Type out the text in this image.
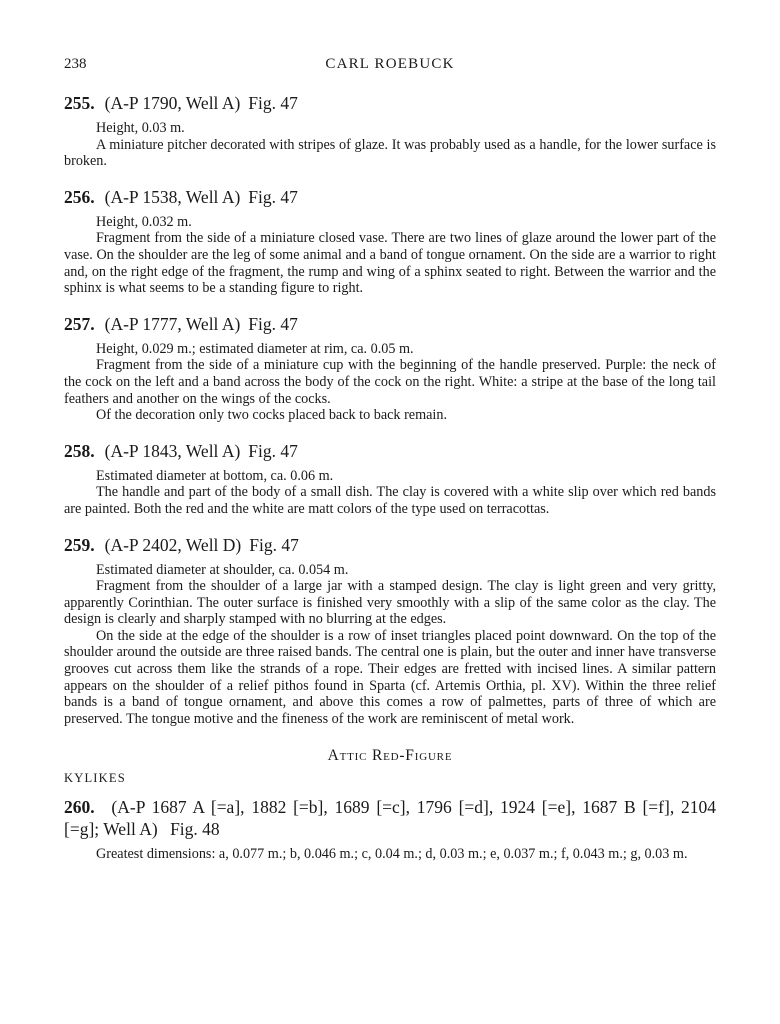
238	CARL ROEBUCK
255. (A-P 1790, Well A) Fig. 47

Height, 0.03 m.

A miniature pitcher decorated with stripes of glaze. It was probably used as a handle, for the lower surface is broken.

256. (A-P 1538, Well A) Fig. 47

Height, 0.032 m.

Fragment from the side of a miniature closed vase. There are two lines of glaze around the lower part of the vase. On the shoulder are the leg of some animal and a band of tongue ornament. On the side are a warrior to right and, on the right edge of the fragment, the rump and wing of a sphinx seated to right. Between the warrior and the sphinx is what seems to be a standing figure to right.

257. (A-P 1777, Well A) Fig. 47

Height, 0.029 m.; estimated diameter at rim, ca. 0.05 m.

Fragment from the side of a miniature cup with the beginning of the handle preserved. Purple: the neck of the cock on the left and a band across the body of the cock on the right. White: a stripe at the base of the long tail feathers and another on the wings of the cocks.

Of the decoration only two cocks placed back to back remain.

258. (A-P 1843, Well A) Fig. 47

Estimated diameter at bottom, ca. 0.06 m.

The handle and part of the body of a small dish. The clay is covered with a white slip over which red bands are painted. Both the red and the white are matt colors of the type used on terracottas.

259. (A-P 2402, Well D) Fig. 47

Estimated diameter at shoulder, ca. 0.054 m.

Fragment from the shoulder of a large jar with a stamped design. The clay is light green and very gritty, apparently Corinthian. The outer surface is finished very smoothly with a slip of the same color as the clay. The design is clearly and sharply stamped with no blurring at the edges.

On the side at the edge of the shoulder is a row of inset triangles placed point downward. On the top of the shoulder around the outside are three raised bands. The central one is plain, but the outer and inner have transverse grooves cut across them like the strands of a rope. Their edges are fretted with incised lines. A similar pattern appears on the shoulder of a relief pithos found in Sparta (cf. Artemis Orthia, pl. XV). Within the three relief bands is a band of tongue ornament, and above this comes a row of palmettes, parts of three of which are preserved. The tongue motive and the fineness of the work are reminiscent of metal work.

Attic Red-Figure
KYLIKES
260. (A-P 1687 A [=a], 1882 [=b], 1689 [=c], 1796 [=d], 1924 [=e], 1687 B [=f], 2104 [=g]; Well A) Fig. 48

Greatest dimensions: a, 0.077 m.; b, 0.046 m.; c, 0.04 m.; d, 0.03 m.; e, 0.037 m.; f, 0.043 m.; g, 0.03 m.
